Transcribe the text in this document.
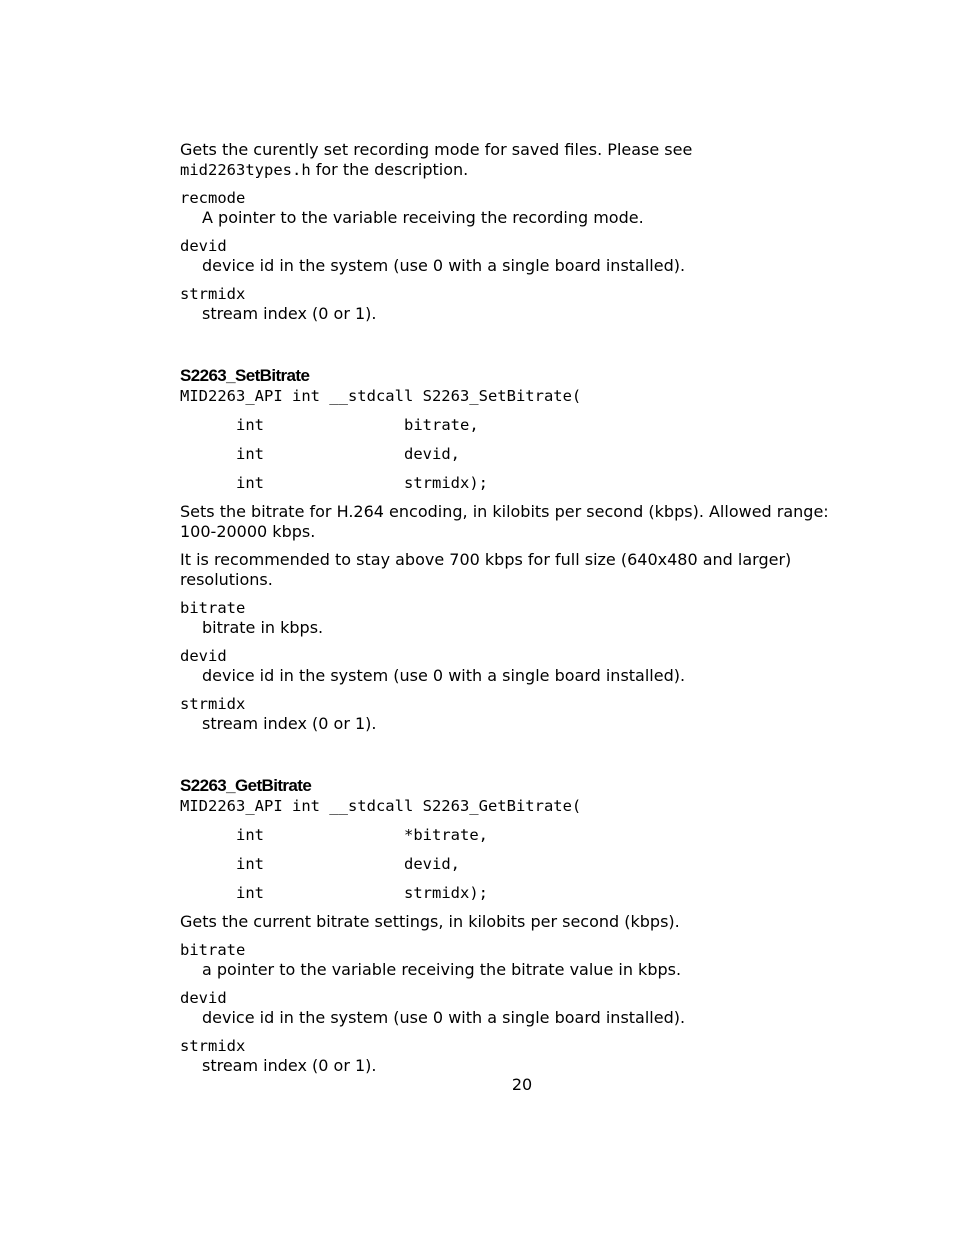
Gets the curently set recording mode for saved files. Please see
mid2263types.h for the description.

recmode
A pointer to the variable receiving the recording mode.
devid
device id in the system (use 0 with a single board installed).
strmidx
stream index (0 or 1).
S2263_SetBitrate
MID2263_API int __stdcall S2263_SetBitrate(
int	bitrate,
int	devid,
int	strmidx);

Sets the bitrate for H.264 encoding, in kilobits per second (kbps). Allowed range: 100-20000 kbps.

It is recommended to stay above 700 kbps for full size (640x480 and larger) resolutions.

bitrate
bitrate in kbps.
devid
device id in the system (use 0 with a single board installed).
strmidx
stream index (0 or 1).
S2263_GetBitrate
MID2263_API int __stdcall S2263_GetBitrate(
int	*bitrate,
int	devid,
int	strmidx);

Gets the current bitrate settings, in kilobits per second (kbps).

bitrate
a pointer to the variable receiving the bitrate value in kbps.
devid
device id in the system (use 0 with a single board installed).
strmidx
stream index (0 or 1).
20
